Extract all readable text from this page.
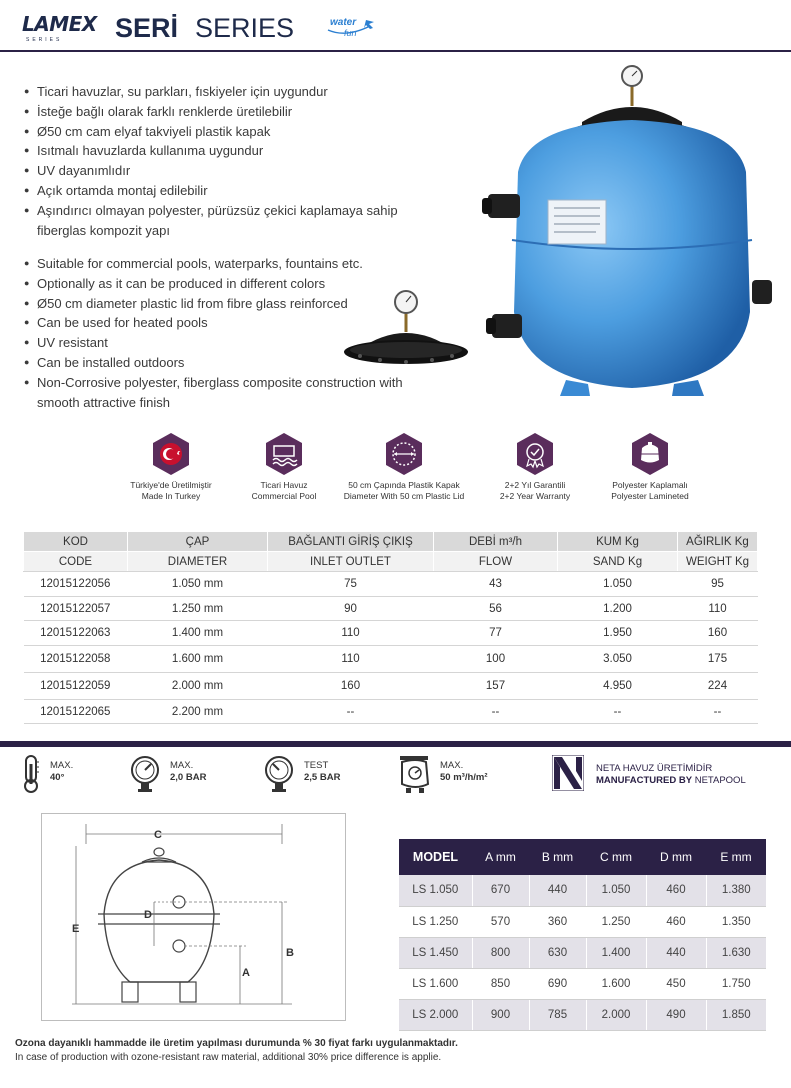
LAMEX
SERIES SERİ SERIES	water
fun
● Ticari havuzlar, su parkları, fıskiyeler için uygundur
● İsteğe bağlı olarak farklı renklerde üretilebilir
● Ø50 cm cam elyaf takviyeli plastik kapak
● Isıtmalı havuzlarda kullanıma uygundur
● UV dayanımlıdır
● Açık ortamda montaj edilebilir
● Aşındırıcı olmayan polyester, pürüzsüz çekici kaplamaya sahip fiberglas kompozit yapı
● Suitable for commercial pools, waterparks, fountains etc.
● Optionally as it can be produced in different colors
● Ø50 cm diameter plastic lid from fibre glass reinforced
● Can be used for heated pools
● UV resistant
● Can be installed outdoors
● Non-Corrosive polyester, fiberglass composite construction with smooth attractive finish
Türkiye'de Üretilmiştir
Made In Turkey
Ticari Havuz
Commercial Pool
50 cm Çapında Plastik Kapak
Diameter With 50 cm Plastic Lid
2+2 Yıl Garantili
2+2 Year Warranty
Polyester Kaplamalı
Polyester Lamineted
KOD	ÇAP	BAĞLANTI GİRİŞ ÇIKIŞ	DEBİ m³/h	KUM Kg	AĞIRLIK Kg
CODE	DIAMETER	INLET OUTLET	FLOW	SAND Kg	WEIGHT Kg
12015122056	1.050 mm	75	43	1.050	95
12015122057	1.250 mm	90	56	1.200	110
12015122063	1.400 mm	110	77	1.950	160
12015122058	1.600 mm	110	100	3.050	175
12015122059	2.000 mm	160	157	4.950	224
12015122065	2.200 mm	--	--	--	--
MAX.
40°
MAX.
2,0 BAR
TEST
2,5 BAR
MAX.
50 m³/h/m²
NETA HAVUZ ÜRETİMİDİR
MANUFACTURED BY NETAPOOL
C
E
D
B
A
MODEL	A mm	B mm	C mm	D mm	E mm
LS 1.050	670	440	1.050	460	1.380
LS 1.250	570	360	1.250	460	1.350
LS 1.450	800	630	1.400	440	1.630
LS 1.600	850	690	1.600	450	1.750
LS 2.000	900	785	2.000	490	1.850
Ozona dayanıklı hammadde ile üretim yapılması durumunda % 30 fiyat farkı uygulanmaktadır.
In case of production with ozone-resistant raw material, additional 30% price difference is applie.
